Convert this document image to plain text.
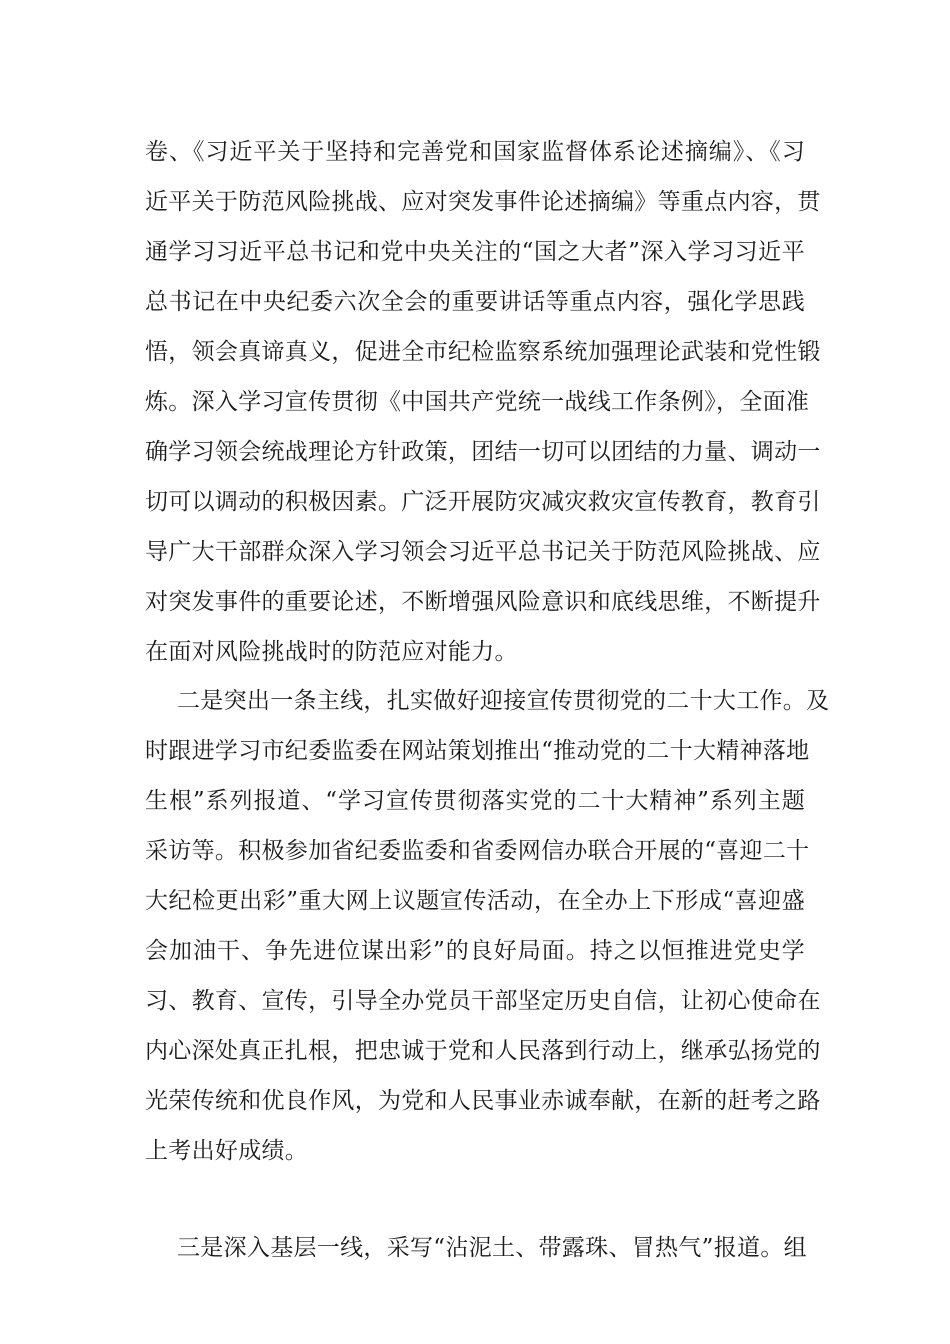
卷、《习近平关于坚持和完善党和国家监督体系论述摘编》、《习
近平关于防范风险挑战、应对突发事件论述摘编》等重点内容，贯
通学习习近平总书记和党中央关注的“国之大者”深入学习习近平
总书记在中央纪委六次全会的重要讲话等重点内容，强化学思践
悟，领会真谛真义，促进全市纪检监察系统加强理论武装和党性锻
炼。深入学习宣传贯彻《中国共产党统一战线工作条例》，全面准
确学习领会统战理论方针政策，团结一切可以团结的力量、调动一
切可以调动的积极因素。广泛开展防灾减灾救灾宣传教育，教育引
导广大干部群众深入学习领会习近平总书记关于防范风险挑战、应
对突发事件的重要论述，不断增强风险意识和底线思维，不断提升
在面对风险挑战时的防范应对能力。
二是突出一条主线，扎实做好迎接宣传贯彻党的二十大工作。及
时跟进学习市纪委监委在网站策划推出“推动党的二十大精神落地
生根”系列报道、“学习宣传贯彻落实党的二十大精神”系列主题
采访等。积极参加省纪委监委和省委网信办联合开展的“喜迎二十
大纪检更出彩”重大网上议题宣传活动，在全办上下形成“喜迎盛
会加油干、争先进位谋出彩”的良好局面。持之以恒推进党史学
习、教育、宣传，引导全办党员干部坚定历史自信，让初心使命在
内心深处真正扎根，把忠诚于党和人民落到行动上，继承弘扬党的
光荣传统和优良作风，为党和人民事业赤诚奉献，在新的赶考之路
上考出好成绩。
三是深入基层一线，采写“沾泥土、带露珠、冒热气”报道。组
